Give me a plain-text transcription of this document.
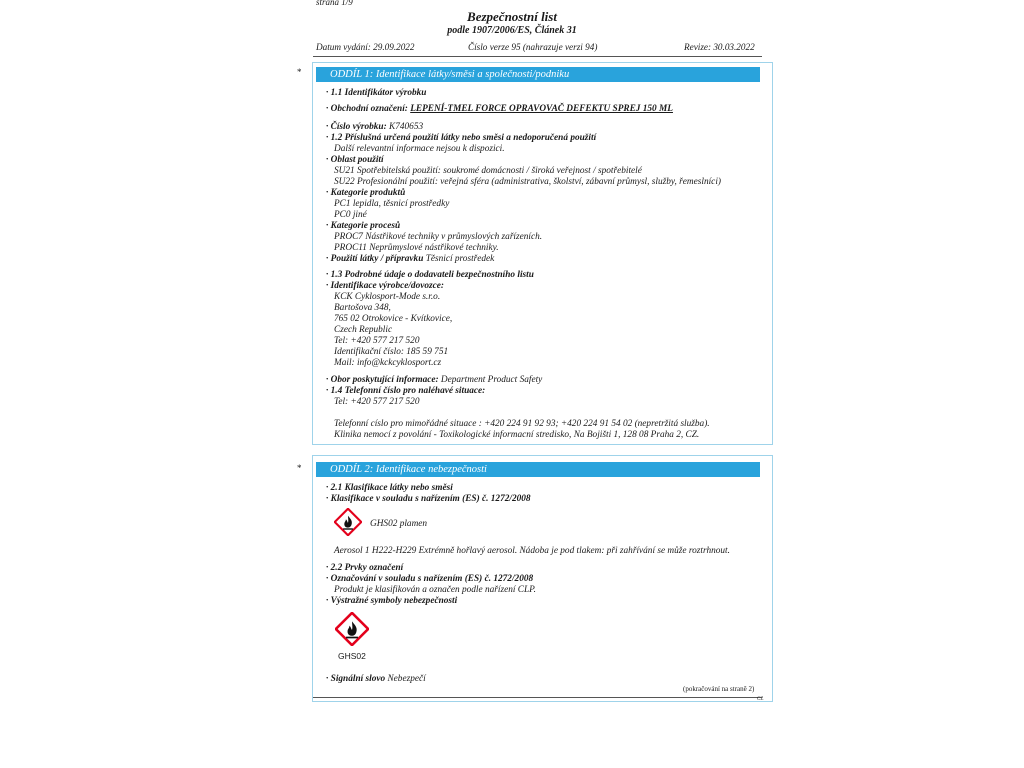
strana 1/9
Bezpečnostní list
podle 1907/2006/ES, Článek 31
Datum vydání: 29.09.2022	Číslo verze 95 (nahrazuje verzi 94)	Revize: 30.03.2022
*	ODDÍL 1: Identifikace látky/směsi a společnosti/podniku
· 1.1 Identifikátor výrobku
· Obchodní označení: LEPENÍ-TMEL FORCE OPRAVOVAČ DEFEKTU SPREJ 150 ML
· Číslo výrobku: K740653
· 1.2 Příslušná určená použití látky nebo směsi a nedoporučená použití
Další relevantní informace nejsou k dispozici.
· Oblast použití
SU21 Spotřebitelská použití: soukromé domácnosti / široká veřejnost / spotřebitelé
SU22 Profesionální použití: veřejná sféra (administrativa, školství, zábavní průmysl, služby, řemeslníci)
· Kategorie produktů
PC1 lepidla, těsnicí prostředky
PC0 jiné
· Kategorie procesů
PROC7 Nástřikové techniky v průmyslových zařízeních.
PROC11 Neprůmyslové nástřikové techniky.
· Použití látky / přípravku Těsnicí prostředek
· 1.3 Podrobné údaje o dodavateli bezpečnostního listu
· Identifikace výrobce/dovozce:
KCK Cyklosport-Mode s.r.o.
Bartošova 348,
765 02 Otrokovice - Kvítkovice,
Czech Republic
Tel: +420 577 217 520
Identifikační číslo: 185 59 751
Mail: info@kckcyklosport.cz
· Obor poskytující informace: Department Product Safety
· 1.4 Telefonní číslo pro naléhavé situace:
Tel: +420 577 217 520
Telefonní císlo pro mimořádné situace : +420 224 91 92 93; +420 224 91 54 02 (nepretržitá služba).
Klinika nemocí z povolání - Toxikologické informacní stredisko, Na Bojišti 1, 128 08 Praha 2, CZ.
*	ODDÍL 2: Identifikace nebezpečnosti
· 2.1 Klasifikace látky nebo směsi
· Klasifikace v souladu s nařízením (ES) č. 1272/2008
GHS02 plamen
Aerosol 1 H222-H229 Extrémně hořlavý aerosol. Nádoba je pod tlakem: při zahřívání se může roztrhnout.
· 2.2 Prvky označení
· Označování v souladu s nařízením (ES) č. 1272/2008
Produkt je klasifikován a označen podle nařízení CLP.
· Výstražné symboly nebezpečnosti
GHS02
· Signální slovo Nebezpečí
(pokračování na straně 2)
CZ
